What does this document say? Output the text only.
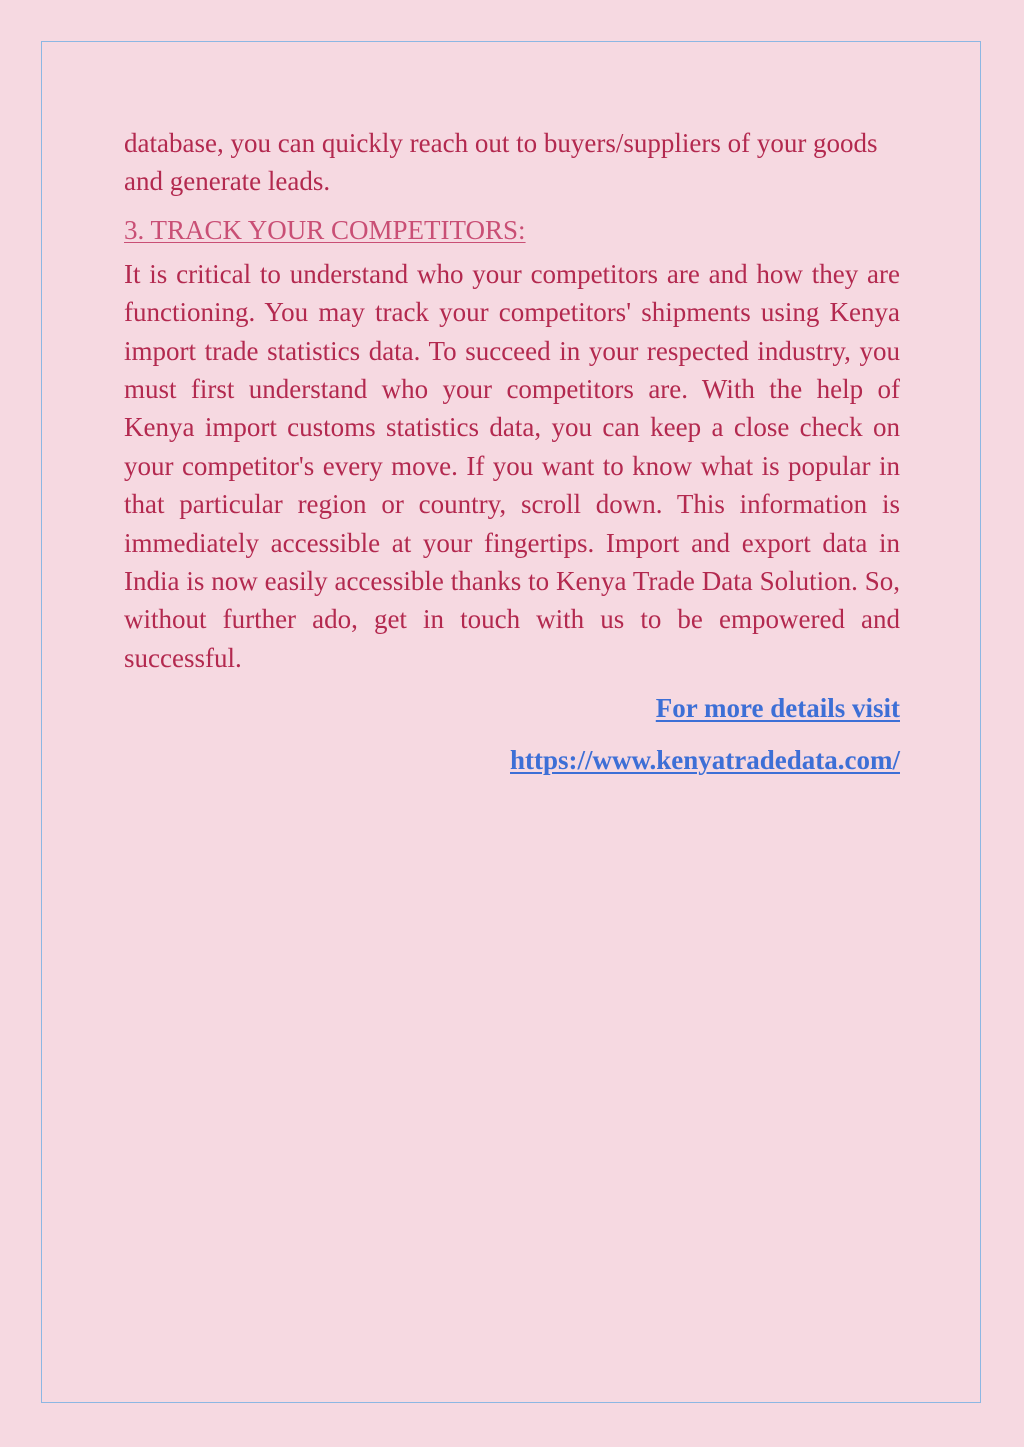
database, you can quickly reach out to buyers/suppliers of your goods and generate leads.

3. TRACK YOUR COMPETITORS:

It is critical to understand who your competitors are and how they are functioning. You may track your competitors' shipments using Kenya import trade statistics data. To succeed in your respected industry, you must first understand who your competitors are. With the help of Kenya import customs statistics data, you can keep a close check on your competitor's every move. If you want to know what is popular in that particular region or country, scroll down. This information is immediately accessible at your fingertips. Import and export data in India is now easily accessible thanks to Kenya Trade Data Solution. So, without further ado, get in touch with us to be empowered and successful.

For more details visit
https://www.kenyatradedata.com/
